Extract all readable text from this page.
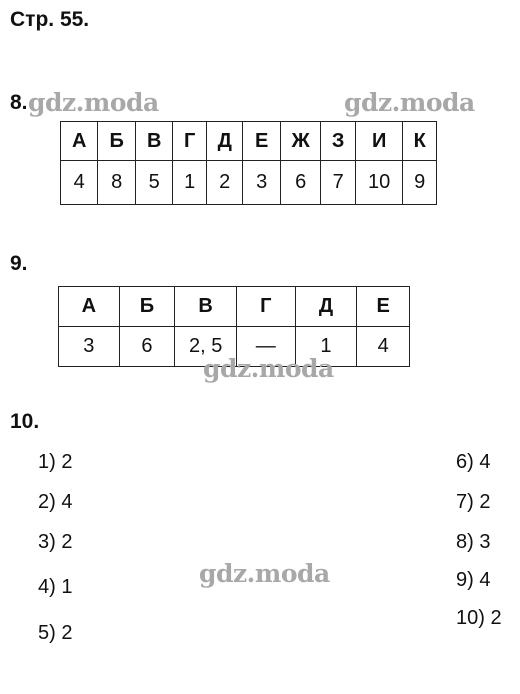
Стр. 55.
8.
А	Б	В	Г	Д	Е	Ж	З	И	К
4	8	5	1	2	3	6	7	10	9
9.
А	Б	В	Г	Д	Е
3	6	2, 5	—	1	4
10.
1) 2
2) 4
3) 2
4) 1
5) 2
6) 4
7) 2
8) 3
9) 4
10) 2
gdz.moda	gdz.moda
gdz.moda
gdz.moda
